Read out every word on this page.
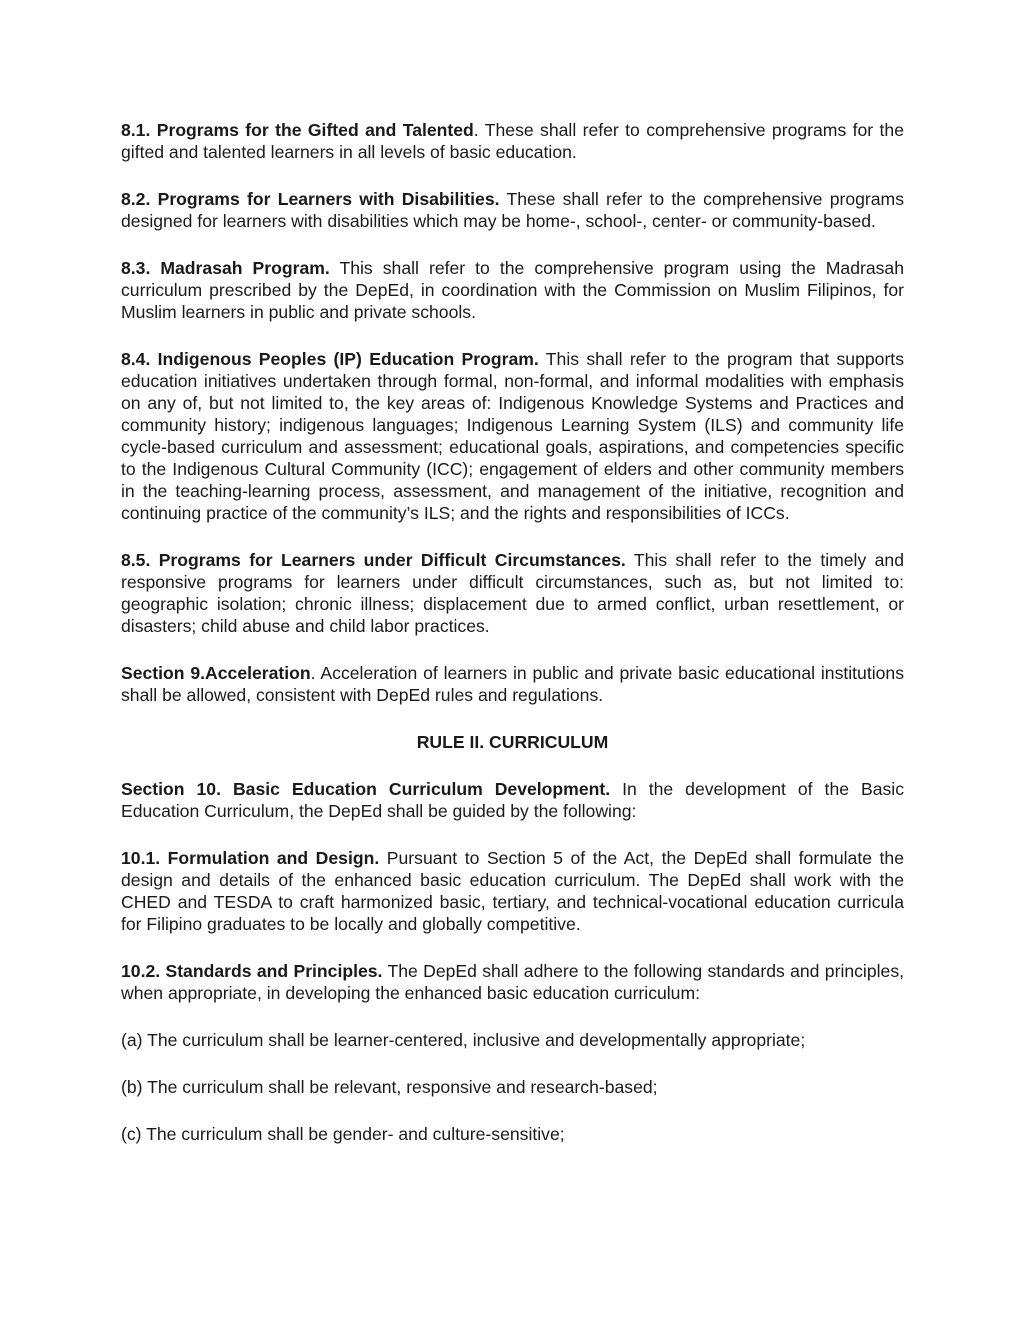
8.1. Programs for the Gifted and Talented. These shall refer to comprehensive programs for the gifted and talented learners in all levels of basic education.

8.2. Programs for Learners with Disabilities. These shall refer to the comprehensive programs designed for learners with disabilities which may be home-, school-, center- or community-based.

8.3. Madrasah Program. This shall refer to the comprehensive program using the Madrasah curriculum prescribed by the DepEd, in coordination with the Commission on Muslim Filipinos, for Muslim learners in public and private schools.

8.4. Indigenous Peoples (IP) Education Program. This shall refer to the program that supports education initiatives undertaken through formal, non-formal, and informal modalities with emphasis on any of, but not limited to, the key areas of: Indigenous Knowledge Systems and Practices and community history; indigenous languages; Indigenous Learning System (ILS) and community life cycle-based curriculum and assessment; educational goals, aspirations, and competencies specific to the Indigenous Cultural Community (ICC); engagement of elders and other community members in the teaching-learning process, assessment, and management of the initiative, recognition and continuing practice of the community’s ILS; and the rights and responsibilities of ICCs.

8.5. Programs for Learners under Difficult Circumstances. This shall refer to the timely and responsive programs for learners under difficult circumstances, such as, but not limited to: geographic isolation; chronic illness; displacement due to armed conflict, urban resettlement, or disasters; child abuse and child labor practices.

Section 9.Acceleration. Acceleration of learners in public and private basic educational institutions shall be allowed, consistent with DepEd rules and regulations.

RULE II. CURRICULUM

Section 10. Basic Education Curriculum Development. In the development of the Basic Education Curriculum, the DepEd shall be guided by the following:

10.1. Formulation and Design. Pursuant to Section 5 of the Act, the DepEd shall formulate the design and details of the enhanced basic education curriculum. The DepEd shall work with the CHED and TESDA to craft harmonized basic, tertiary, and technical-vocational education curricula for Filipino graduates to be locally and globally competitive.

10.2. Standards and Principles. The DepEd shall adhere to the following standards and principles, when appropriate, in developing the enhanced basic education curriculum:

(a) The curriculum shall be learner-centered, inclusive and developmentally appropriate;

(b) The curriculum shall be relevant, responsive and research-based;

(c) The curriculum shall be gender- and culture-sensitive;
